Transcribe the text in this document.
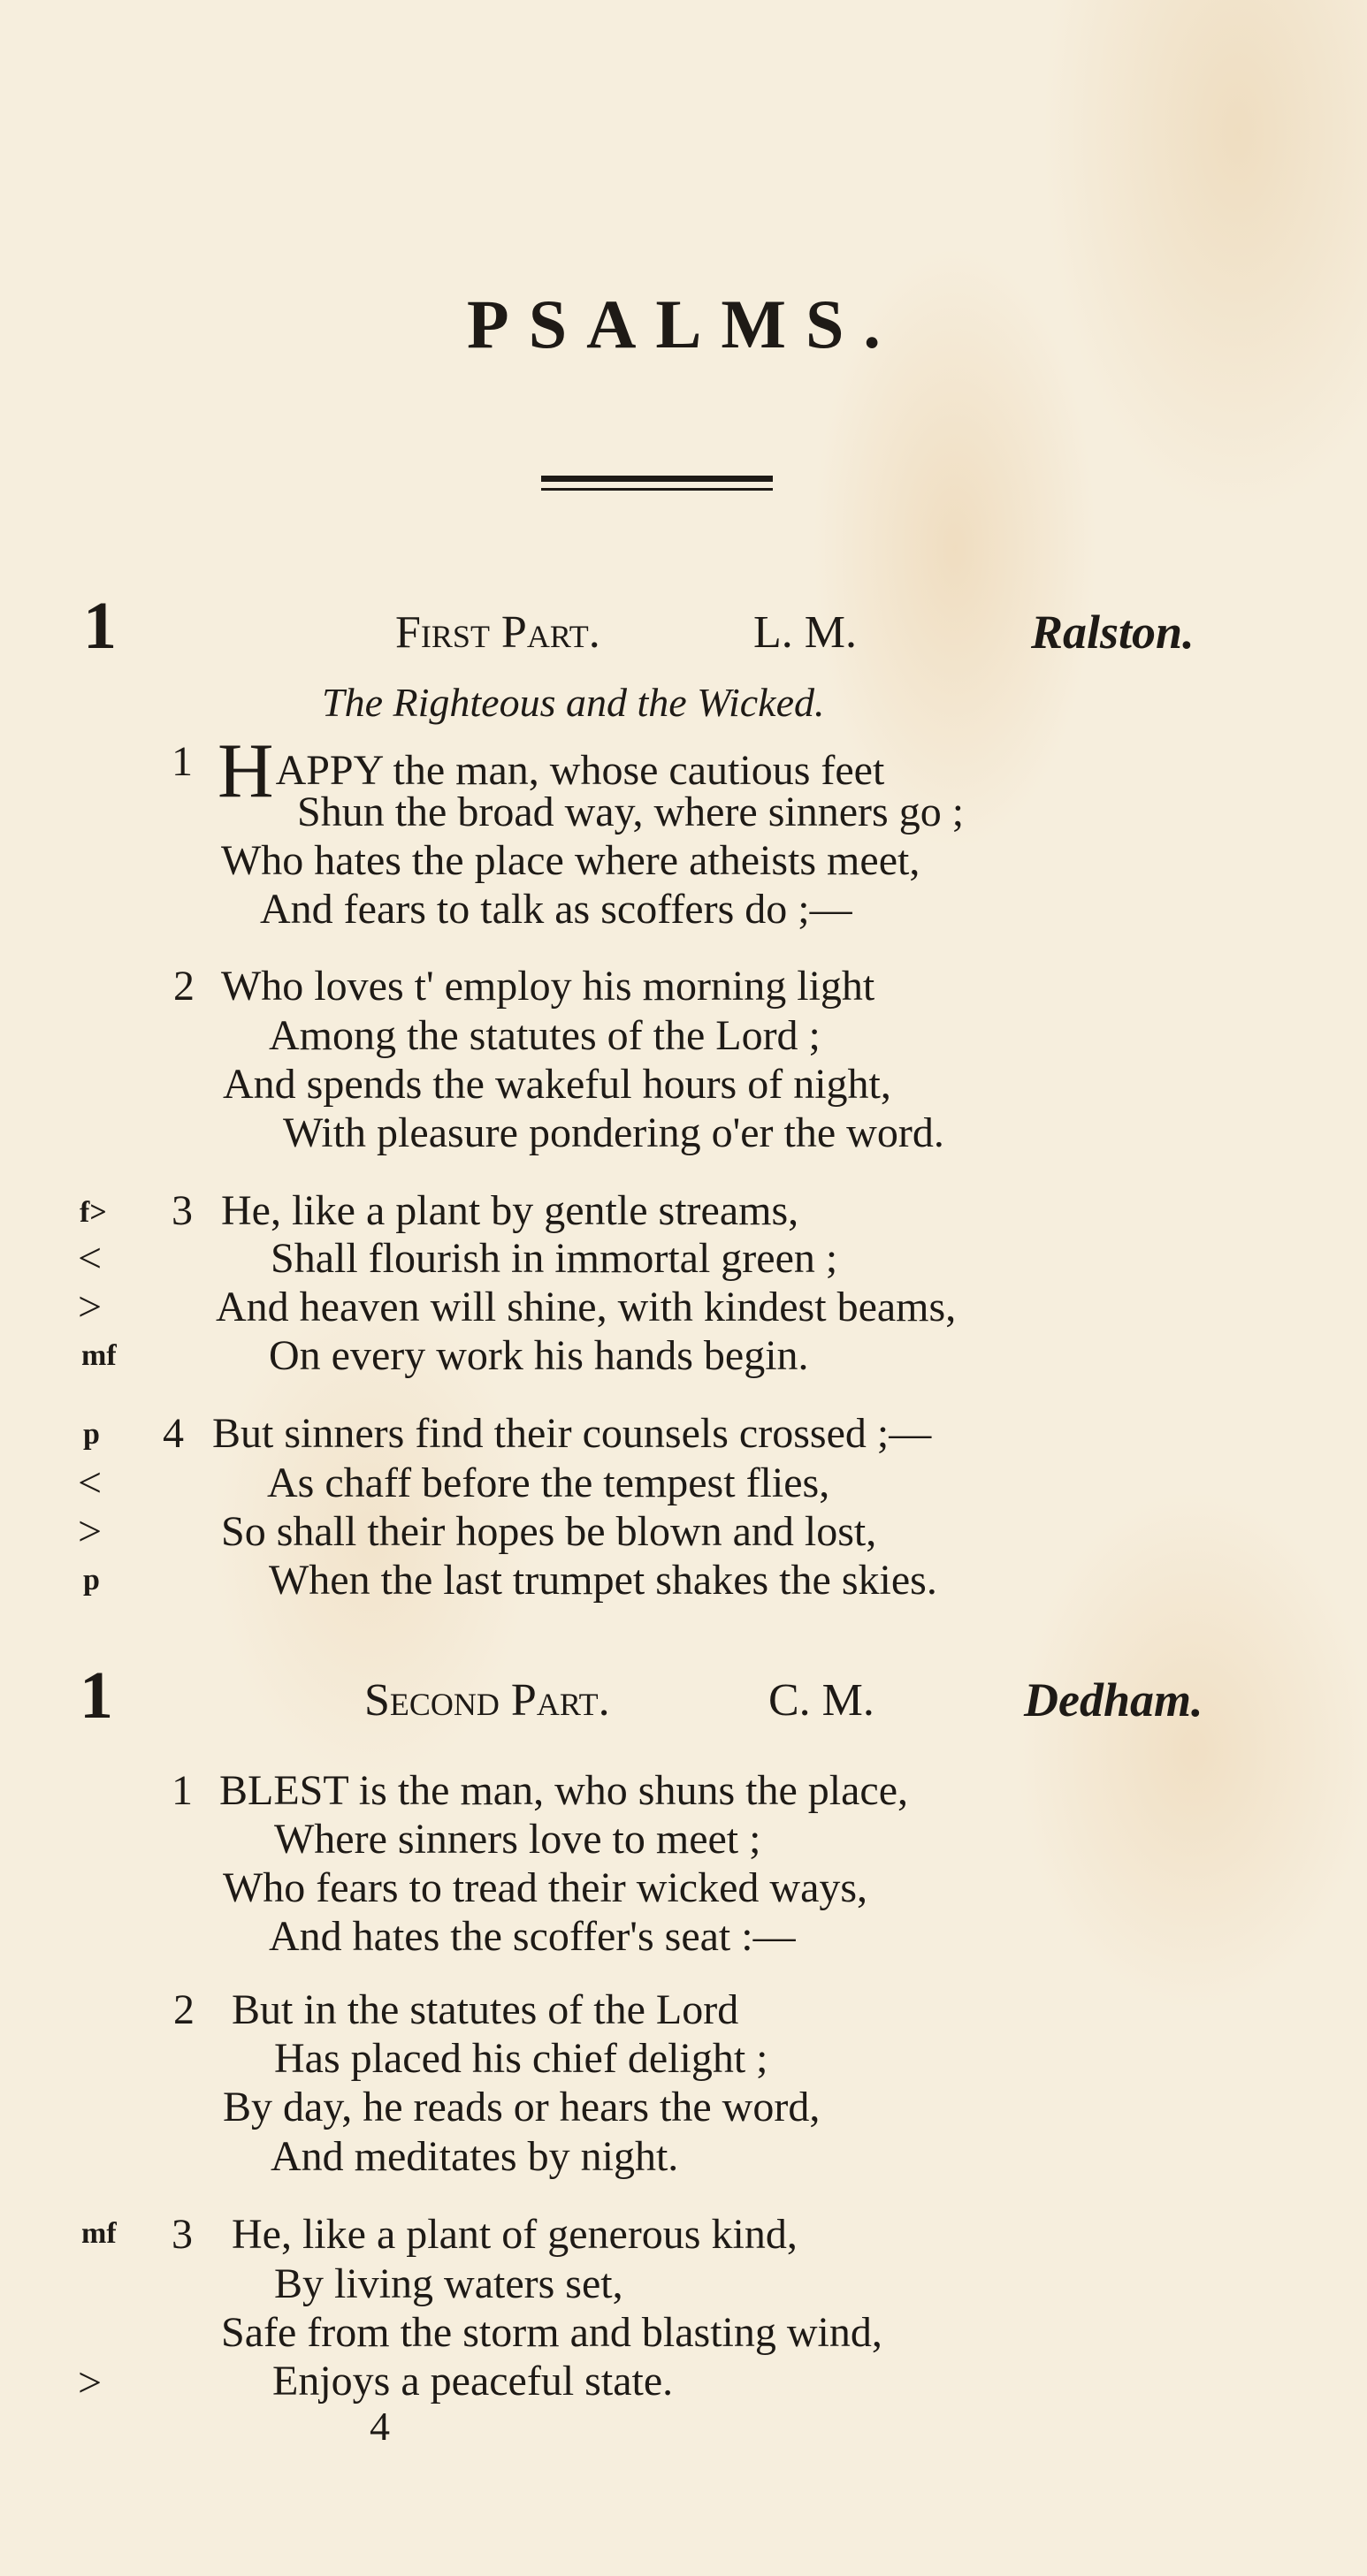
PSALMS.
1	First Part.	L. M.	Ralston.
The Righteous and the Wicked.
1 HAPPY the man, whose cautious feet
Shun the broad way, where sinners go ;
Who hates the place where atheists meet,
And fears to talk as scoffers do ;—
2 Who loves t' employ his morning light
Among the statutes of the Lord ;
And spends the wakeful hours of night,
With pleasure pondering o'er the word.
f> 3 He, like a plant by gentle streams,
<	Shall flourish in immortal green ;
>	And heaven will shine, with kindest beams,
mf	On every work his hands begin.
p 4 But sinners find their counsels crossed ;—
<	As chaff before the tempest flies,
>	So shall their hopes be blown and lost,
p	When the last trumpet shakes the skies.
1	Second Part.	C. M.	Dedham.
1 BLEST is the man, who shuns the place,
Where sinners love to meet ;
Who fears to tread their wicked ways,
And hates the scoffer's seat :—
2 But in the statutes of the Lord
Has placed his chief delight ;
By day, he reads or hears the word,
And meditates by night.
mf 3 He, like a plant of generous kind,
By living waters set,
Safe from the storm and blasting wind,
>	Enjoys a peaceful state.
4
